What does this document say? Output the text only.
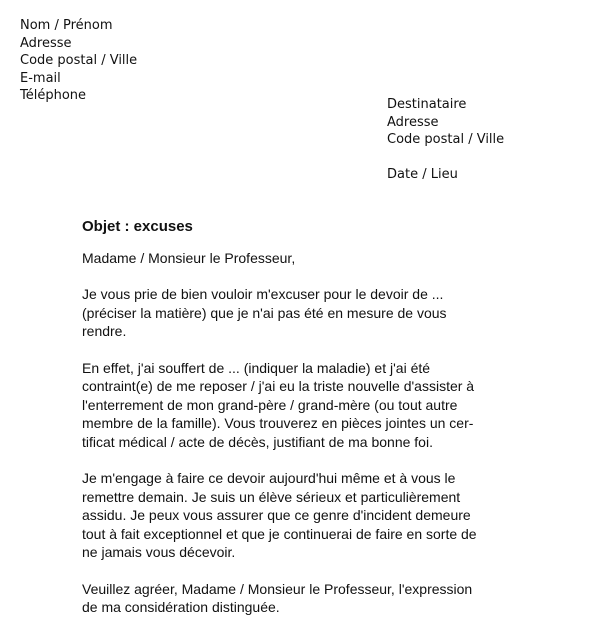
Nom / Prénom
Adresse
Code postal / Ville
E-mail
Téléphone
Destinataire
Adresse
Code postal / Ville
Date / Lieu
Objet : excuses
Madame / Monsieur le Professeur,
Je vous prie de bien vouloir m'excuser pour le devoir de ...
(préciser la matière) que je n'ai pas été en mesure de vous
rendre.
En effet, j'ai souffert de ... (indiquer la maladie) et j'ai été
contraint(e) de me reposer / j'ai eu la triste nouvelle d'assister à
l'enterrement de mon grand-père / grand-mère (ou tout autre
membre de la famille). Vous trouverez en pièces jointes un cer-
tificat médical / acte de décès, justifiant de ma bonne foi.
Je m'engage à faire ce devoir aujourd'hui même et à vous le
remettre demain. Je suis un élève sérieux et particulièrement
assidu. Je peux vous assurer que ce genre d'incident demeure
tout à fait exceptionnel et que je continuerai de faire en sorte de
ne jamais vous décevoir.
Veuillez agréer, Madame / Monsieur le Professeur, l'expression
de ma considération distinguée.
